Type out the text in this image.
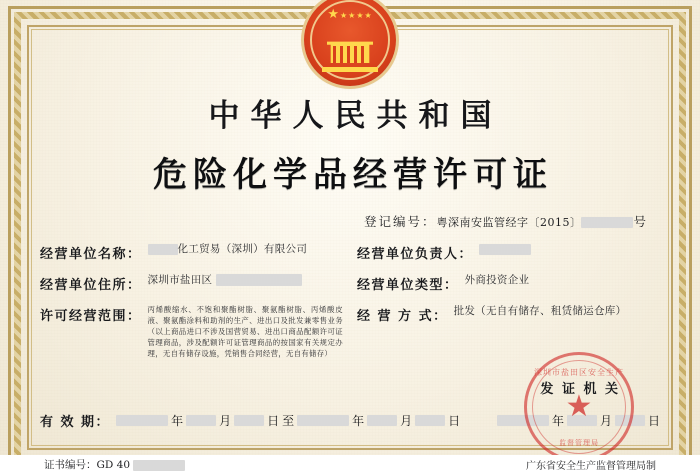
★★★★★
中华人民共和国
危险化学品经营许可证
登记编号：粤深南安监管经字〔2015〕	号
经营单位名称：	化工贸易（深圳）有限公司	经营单位负责人：
经营单位住所： 深圳市盐田区	经营单位类型： 外商投资企业
许可经营范围： 丙烯酸缩水、不饱和聚酯树脂、聚氨酯树脂、丙烯酸皮液、聚氨酯涂料和助剂的生产、进出口及批发兼零售业务（以上商品进口不涉及国营贸易、进出口商品配额许可证管理商品，涉及配额许可证管理商品的按国家有关规定办理，无自有储存设施，凭销售合同经营，无自有储存）
经 营 方 式： 批发（无自有储存、租赁储运仓库）
发 证 机 关
有 效 期：	年	月	日 至	年	月	日	年	月	日
深圳市盐田区安全生产
★
监督管理局
证书编号：GD 40	广东省安全生产监督管理局制
